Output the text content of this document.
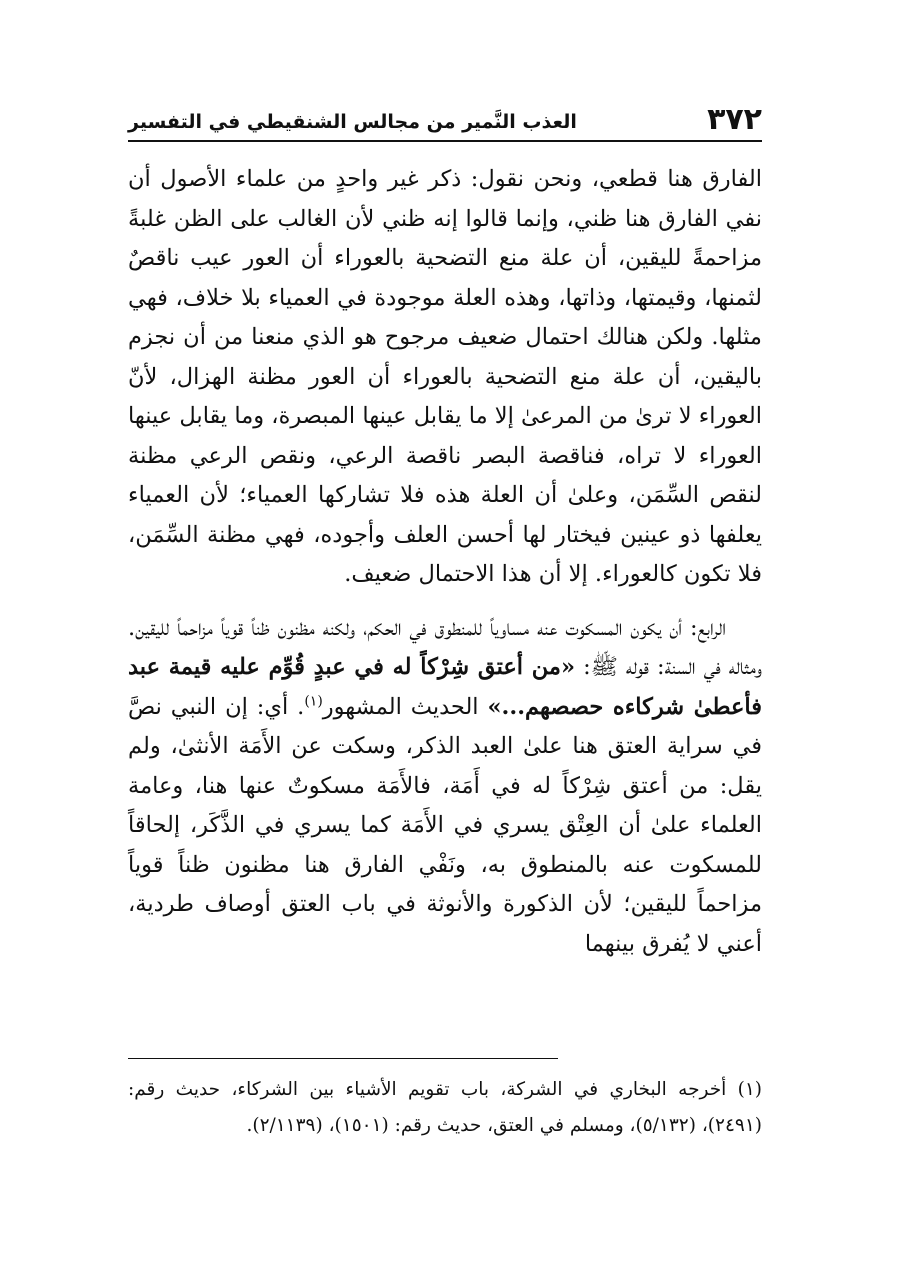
٣٧٢
العذب النَّمير من مجالس الشنقيطي في التفسير

الفارق هنا قطعي، ونحن نقول: ذكر غير واحدٍ من علماء الأصول أن نفي الفارق هنا ظني، وإنما قالوا إنه ظني لأن الغالب على الظن غلبةً مزاحمةً لليقين، أن علة منع التضحية بالعوراء أن العور عيب ناقصٌ لثمنها، وقيمتها، وذاتها، وهذه العلة موجودة في العمياء بلا خلاف، فهي مثلها. ولكن هنالك احتمال ضعيف مرجوح هو الذي منعنا من أن نجزم باليقين، أن علة منع التضحية بالعوراء أن العور مظنة الهزال، لأنّ العوراء لا ترىٰ من المرعىٰ إلا ما يقابل عينها المبصرة، وما يقابل عينها العوراء لا تراه، فناقصة البصر ناقصة الرعي، ونقص الرعي مظنة لنقص السِّمَن، وعلىٰ أن العلة هذه فلا تشاركها العمياء؛ لأن العمياء يعلفها ذو عينين فيختار لها أحسن العلف وأجوده، فهي مظنة السِّمَن، فلا تكون كالعوراء. إلا أن هذا الاحتمال ضعيف.

الرابع: أن يكون المسكوت عنه مساوياً للمنطوق في الحكم، ولكنه مظنون ظناً قوياً مزاحماً لليقين. ومثاله في السنة: قوله ﷺ: «من أعتق شِرْكاً له في عبدٍ قُوِّم عليه قيمة عبد فأعطىٰ شركاءه حصصهم...» الحديث المشهور$^{(١)}$. أي: إن النبي نصَّ في سراية العتق هنا علىٰ العبد الذكر، وسكت عن الأَمَة الأنثىٰ، ولم يقل: من أعتق شِرْكاً له في أَمَة، فالأَمَة مسكوتٌ عنها هنا، وعامة العلماء علىٰ أن العِتْق يسري في الأَمَة كما يسري في الذَّكَر، إلحاقاً للمسكوت عنه بالمنطوق به، ونَفْي الفارق هنا مظنون ظناً قوياً مزاحماً لليقين؛ لأن الذكورة والأنوثة في باب العتق أوصاف طردية، أعني لا يُفرق بينهما

(١) أخرجه البخاري في الشركة، باب تقويم الأشياء بين الشركاء، حديث رقم: (٢٤٩١)، (٥/١٣٢)، ومسلم في العتق، حديث رقم: (١٥٠١)، (٢/١١٣٩).
